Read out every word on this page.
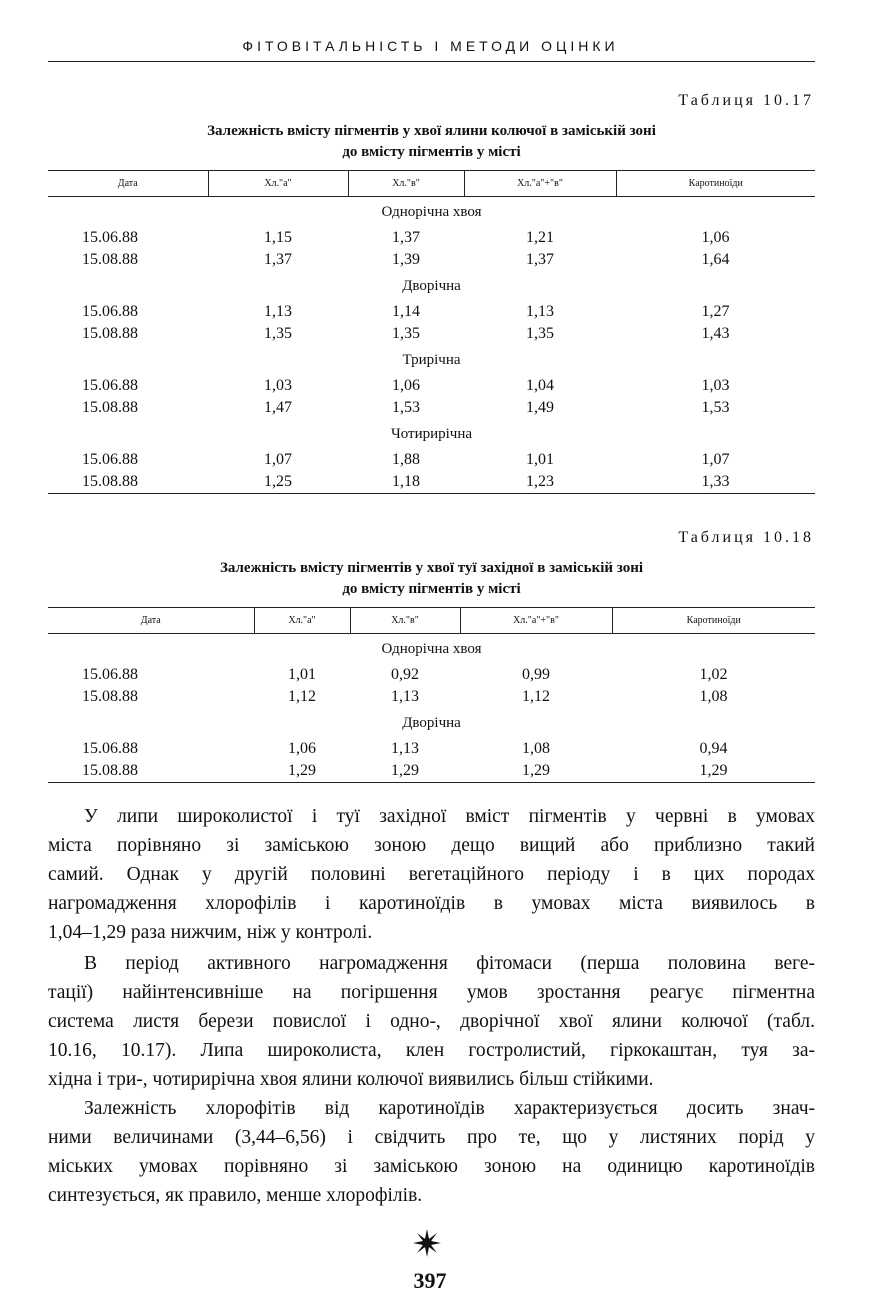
ФІТОВІТАЛЬНІСТЬ І МЕТОДИ ОЦІНКИ
Таблиця 10.17
Залежність вмісту пігментів у хвої ялини колючої в заміській зоні
до вмісту пігментів у місті
Дата	Хл."а"	Хл."в"	Хл."а"+"в"	Каротиноїди
Однорічна хвоя				
15.06.88	1,15	1,37	1,21	1,06
15.08.88	1,37	1,39	1,37	1,64
Дворічна				
15.06.88	1,13	1,14	1,13	1,27
15.08.88	1,35	1,35	1,35	1,43
Трирічна				
15.06.88	1,03	1,06	1,04	1,03
15.08.88	1,47	1,53	1,49	1,53
Чотирирічна				
15.06.88	1,07	1,88	1,01	1,07
15.08.88	1,25	1,18	1,23	1,33
Таблиця 10.18
Залежність вмісту пігментів у хвої туї західної в заміській зоні
до вмісту пігментів у місті
Дата	Хл."а"	Хл."в"	Хл."а"+"в"	Каротиноїди
Однорічна хвоя				
15.06.88	1,01	0,92	0,99	1,02
15.08.88	1,12	1,13	1,12	1,08
Дворічна				
15.06.88	1,06	1,13	1,08	0,94
15.08.88	1,29	1,29	1,29	1,29
У липи широколистої і туї західної вміст пігментів у червні в умовах
міста порівняно зі заміською зоною дещо вищий або приблизно такий
самий. Однак у другій половині вегетаційного періоду і в цих породах
нагромадження хлорофілів і каротиноїдів в умовах міста виявилось в
1,04–1,29 раза нижчим, ніж у контролі.
В період активного нагромадження фітомаси (перша половина веге-
тації) найінтенсивніше на погіршення умов зростання реагує пігментна
система листя берези повислої і одно-, дворічної хвої ялини колючої (табл.
10.16, 10.17). Липа широколиста, клен гостролистий, гіркокаштан, туя за-
хідна і три-, чотирирічна хвоя ялини колючої виявились більш стійкими.
Залежність хлорофітів від каротиноїдів характеризується досить знач-
ними величинами (3,44–6,56) і свідчить про те, що у листяних порід у
міських умовах порівняно зі заміською зоною на одиницю каротиноїдів
синтезується, як правило, менше хлорофілів.
397
